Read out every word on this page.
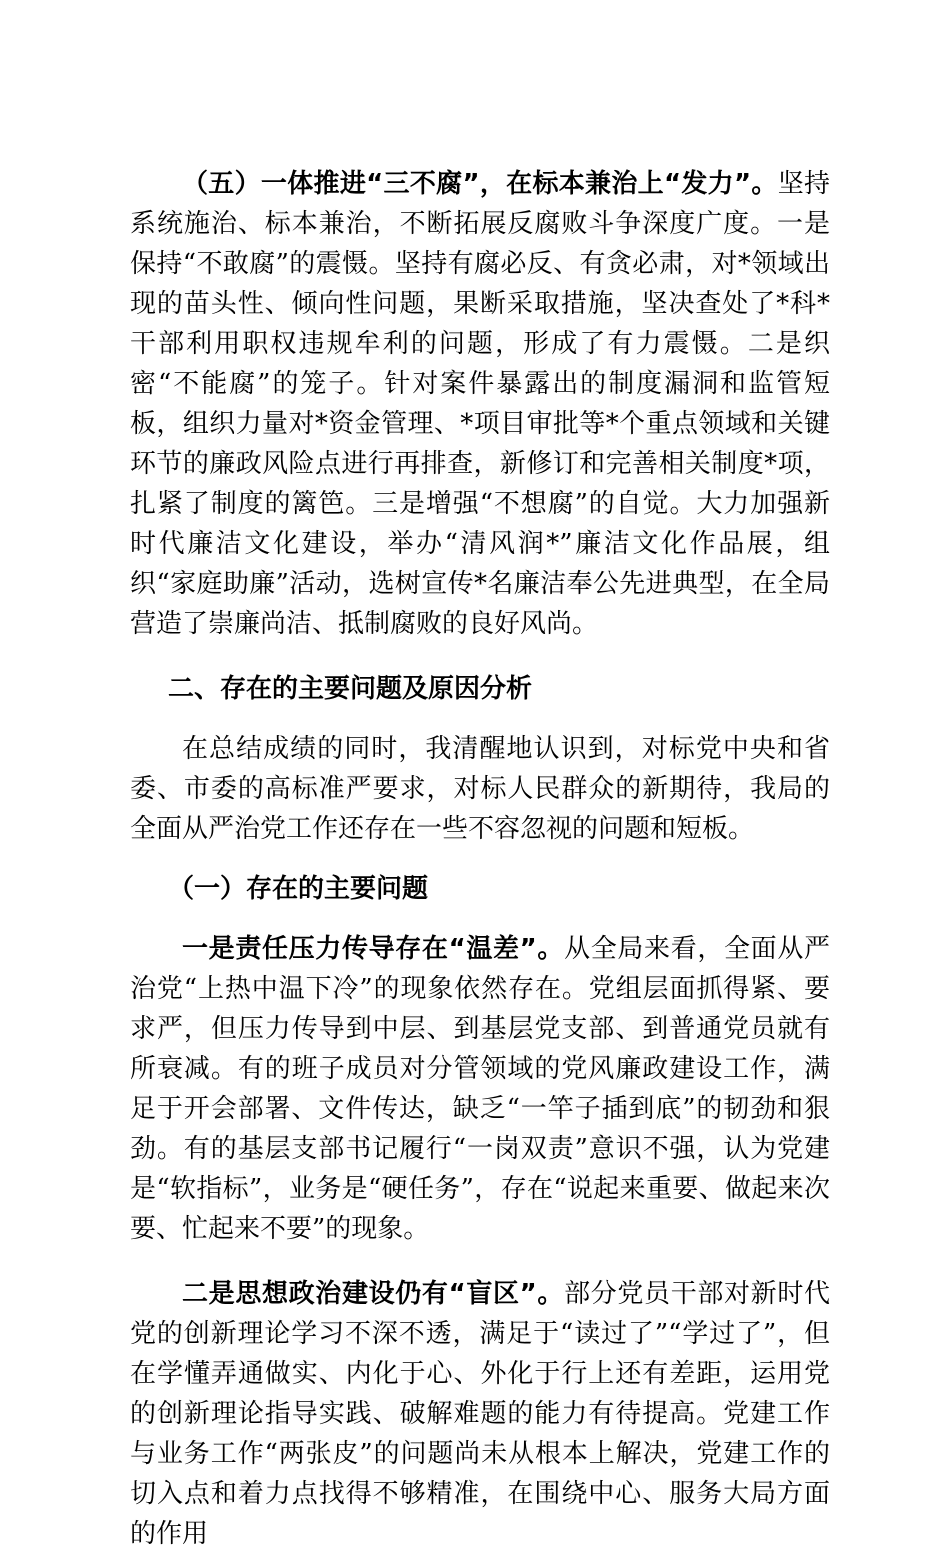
（五）一体推进“三不腐”，在标本兼治上“发力”。坚持系统施治、标本兼治，不断拓展反腐败斗争深度广度。一是保持“不敢腐”的震慑。坚持有腐必反、有贪必肃，对*领域出现的苗头性、倾向性问题，果断采取措施，坚决查处了*科*干部利用职权违规牟利的问题，形成了有力震慑。二是织密“不能腐”的笼子。针对案件暴露出的制度漏洞和监管短板，组织力量对*资金管理、*项目审批等*个重点领域和关键环节的廉政风险点进行再排查，新修订和完善相关制度*项，扎紧了制度的篱笆。三是增强“不想腐”的自觉。大力加强新时代廉洁文化建设，举办“清风润*”廉洁文化作品展，组织“家庭助廉”活动，选树宣传*名廉洁奉公先进典型，在全局营造了崇廉尚洁、抵制腐败的良好风尚。

二、存在的主要问题及原因分析

在总结成绩的同时，我清醒地认识到，对标党中央和省委、市委的高标准严要求，对标人民群众的新期待，我局的全面从严治党工作还存在一些不容忽视的问题和短板。

（一）存在的主要问题

一是责任压力传导存在“温差”。从全局来看，全面从严治党“上热中温下冷”的现象依然存在。党组层面抓得紧、要求严，但压力传导到中层、到基层党支部、到普通党员就有所衰减。有的班子成员对分管领域的党风廉政建设工作，满足于开会部署、文件传达，缺乏“一竿子插到底”的韧劲和狠劲。有的基层支部书记履行“一岗双责”意识不强，认为党建是“软指标”，业务是“硬任务”，存在“说起来重要、做起来次要、忙起来不要”的现象。

二是思想政治建设仍有“盲区”。部分党员干部对新时代党的创新理论学习不深不透，满足于“读过了”“学过了”，但在学懂弄通做实、内化于心、外化于行上还有差距，运用党的创新理论指导实践、破解难题的能力有待提高。党建工作与业务工作“两张皮”的问题尚未从根本上解决，党建工作的切入点和着力点找得不够精准，在围绕中心、服务大局方面的作用
